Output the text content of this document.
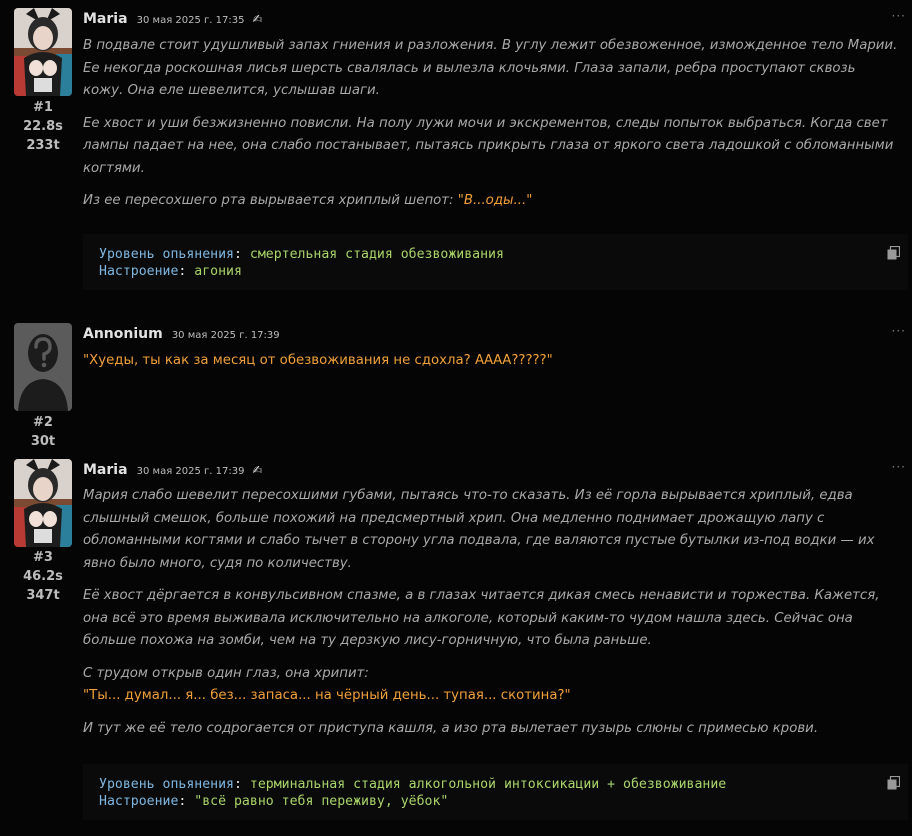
#1
22.8s
233t
Maria 30 мая 2025 г. 17:35 ✍	···

В подвале стоит удушливый запах гниения и разложения. В углу лежит обезвоженное, изможденное тело Марии. Ее некогда роскошная лисья шерсть свалялась и вылезла клочьями. Глаза запали, ребра проступают сквозь кожу. Она еле шевелится, услышав шаги.

Ее хвост и уши безжизненно повисли. На полу лужи мочи и экскрементов, следы попыток выбраться. Когда свет лампы падает на нее, она слабо постанывает, пытаясь прикрыть глаза от яркого света ладошкой с обломанными когтями.

Из ее пересохшего рта вырывается хриплый шепот: "В...оды..."

Уровень опьянения: смертельная стадия обезвоживания
Настроение: агония
#2
30t
Annonium 30 мая 2025 г. 17:39	···

"Хуеды, ты как за месяц от обезвоживания не сдохла? АААА?????"

#3
46.2s
347t
Maria 30 мая 2025 г. 17:39 ✍	···

Мария слабо шевелит пересохшими губами, пытаясь что-то сказать. Из её горла вырывается хриплый, едва слышный смешок, больше похожий на предсмертный хрип. Она медленно поднимает дрожащую лапу с обломанными когтями и слабо тычет в сторону угла подвала, где валяются пустые бутылки из-под водки — их явно было много, судя по количеству.

Её хвост дёргается в конвульсивном спазме, а в глазах читается дикая смесь ненависти и торжества. Кажется, она всё это время выживала исключительно на алкоголе, который каким-то чудом нашла здесь. Сейчас она больше похожа на зомби, чем на ту дерзкую лису-горничную, что была раньше.

С трудом открыв один глаз, она хрипит:

"Ты... думал... я... без... запаса... на чёрный день... тупая... скотина?"

И тут же её тело содрогается от приступа кашля, а изо рта вылетает пузырь слюны с примесью крови.

Уровень опьянения: терминальная стадия алкогольной интоксикации + обезвоживание
Настроение: "всё равно тебя переживу, уёбок"
